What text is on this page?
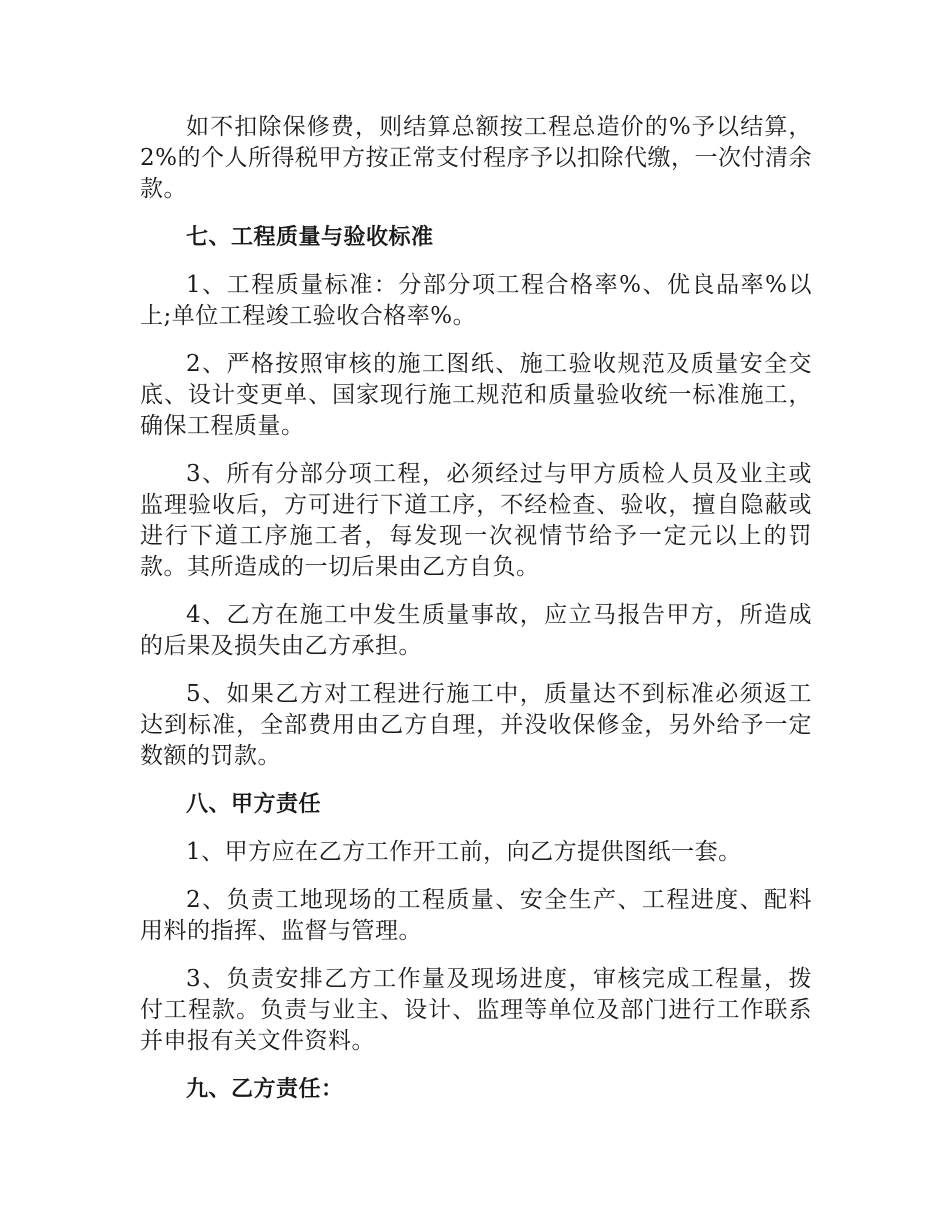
如不扣除保修费，则结算总额按工程总造价的%予以结算，2%的个人所得税甲方按正常支付程序予以扣除代缴，一次付清余款。

七、工程质量与验收标准

1、工程质量标准：分部分项工程合格率%、优良品率%以上;单位工程竣工验收合格率%。

2、严格按照审核的施工图纸、施工验收规范及质量安全交底、设计变更单、国家现行施工规范和质量验收统一标准施工，确保工程质量。

3、所有分部分项工程，必须经过与甲方质检人员及业主或监理验收后，方可进行下道工序，不经检查、验收，擅自隐蔽或进行下道工序施工者，每发现一次视情节给予一定元以上的罚款。其所造成的一切后果由乙方自负。

4、乙方在施工中发生质量事故，应立马报告甲方，所造成的后果及损失由乙方承担。

5、如果乙方对工程进行施工中，质量达不到标准必须返工达到标准，全部费用由乙方自理，并没收保修金，另外给予一定数额的罚款。

八、甲方责任

1、甲方应在乙方工作开工前，向乙方提供图纸一套。

2、负责工地现场的工程质量、安全生产、工程进度、配料用料的指挥、监督与管理。

3、负责安排乙方工作量及现场进度，审核完成工程量，拨付工程款。负责与业主、设计、监理等单位及部门进行工作联系并申报有关文件资料。

九、乙方责任：
